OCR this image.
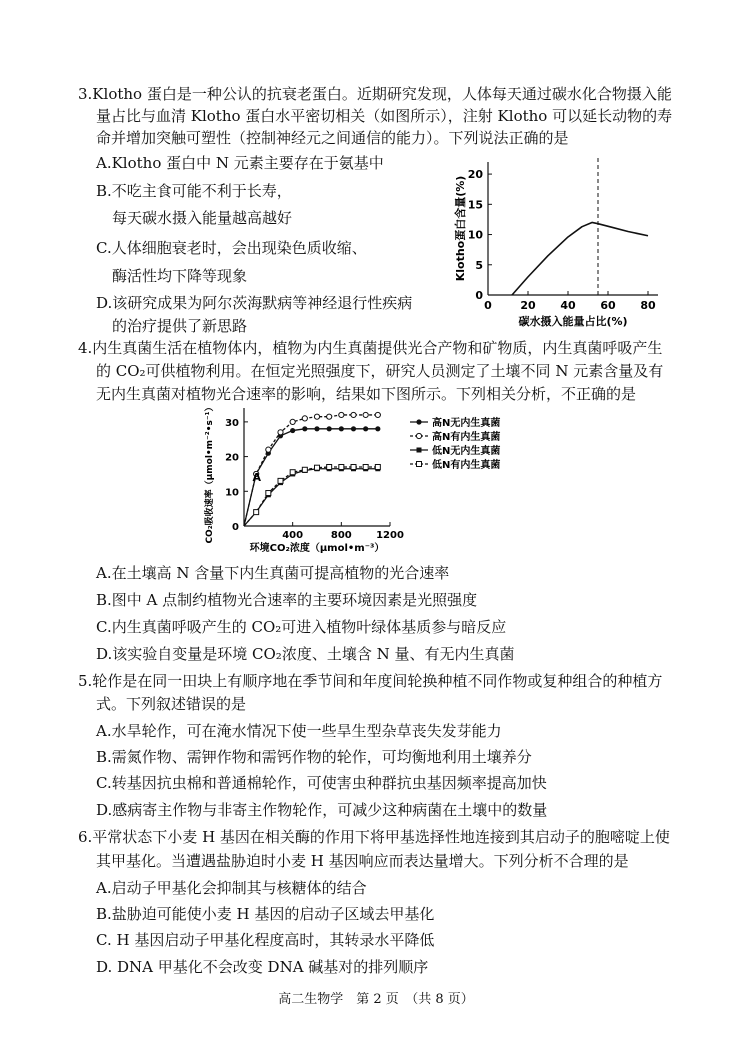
3.Klotho 蛋白是一种公认的抗衰老蛋白。近期研究发现，人体每天通过碳水化合物摄入能
量占比与血清 Klotho 蛋白水平密切相关（如图所示），注射 Klotho 可以延长动物的寿
命并增加突触可塑性（控制神经元之间通信的能力）。下列说法正确的是
A.Klotho 蛋白中 N 元素主要存在于氨基中
B.不吃主食可能不利于长寿，
每天碳水摄入能量越高越好
C.人体细胞衰老时，会出现染色质收缩、
酶活性均下降等现象
D.该研究成果为阿尔茨海默病等神经退行性疾病
的治疗提供了新思路
0
5
10
15
20
0	20 40 60 80
碳水摄入能量占比(%)
Klotho蛋白含量(%)
4.内生真菌生活在植物体内，植物为内生真菌提供光合产物和矿物质，内生真菌呼吸产生
的 CO₂可供植物利用。在恒定光照强度下，研究人员测定了土壤不同 N 元素含量及有
无内生真菌对植物光合速率的影响，结果如下图所示。下列相关分析，不正确的是
0
10
20
30
400	800 1200
A
高N无内生真菌
高N有内生真菌
低N无内生真菌
低N有内生真菌
环境CO₂浓度（μmol•m⁻³）
CO₂吸收速率（μmol•m⁻²•s⁻¹）
A.在土壤高 N 含量下内生真菌可提高植物的光合速率
B.图中 A 点制约植物光合速率的主要环境因素是光照强度
C.内生真菌呼吸产生的 CO₂可进入植物叶绿体基质参与暗反应
D.该实验自变量是环境 CO₂浓度、土壤含 N 量、有无内生真菌
5.轮作是在同一田块上有顺序地在季节间和年度间轮换种植不同作物或复种组合的种植方
式。下列叙述错误的是
A.水旱轮作，可在淹水情况下使一些旱生型杂草丧失发芽能力
B.需氮作物、需钾作物和需钙作物的轮作，可均衡地利用土壤养分
C.转基因抗虫棉和普通棉轮作，可使害虫种群抗虫基因频率提高加快
D.感病寄主作物与非寄主作物轮作，可减少这种病菌在土壤中的数量
6.平常状态下小麦 H 基因在相关酶的作用下将甲基选择性地连接到其启动子的胞嘧啶上使
其甲基化。当遭遇盐胁迫时小麦 H 基因响应而表达量增大。下列分析不合理的是
A.启动子甲基化会抑制其与核糖体的结合
B.盐胁迫可能使小麦 H 基因的启动子区域去甲基化
C. H 基因启动子甲基化程度高时，其转录水平降低
D. DNA 甲基化不会改变 DNA 碱基对的排列顺序
高二生物学　第 2 页　（共 8 页）
